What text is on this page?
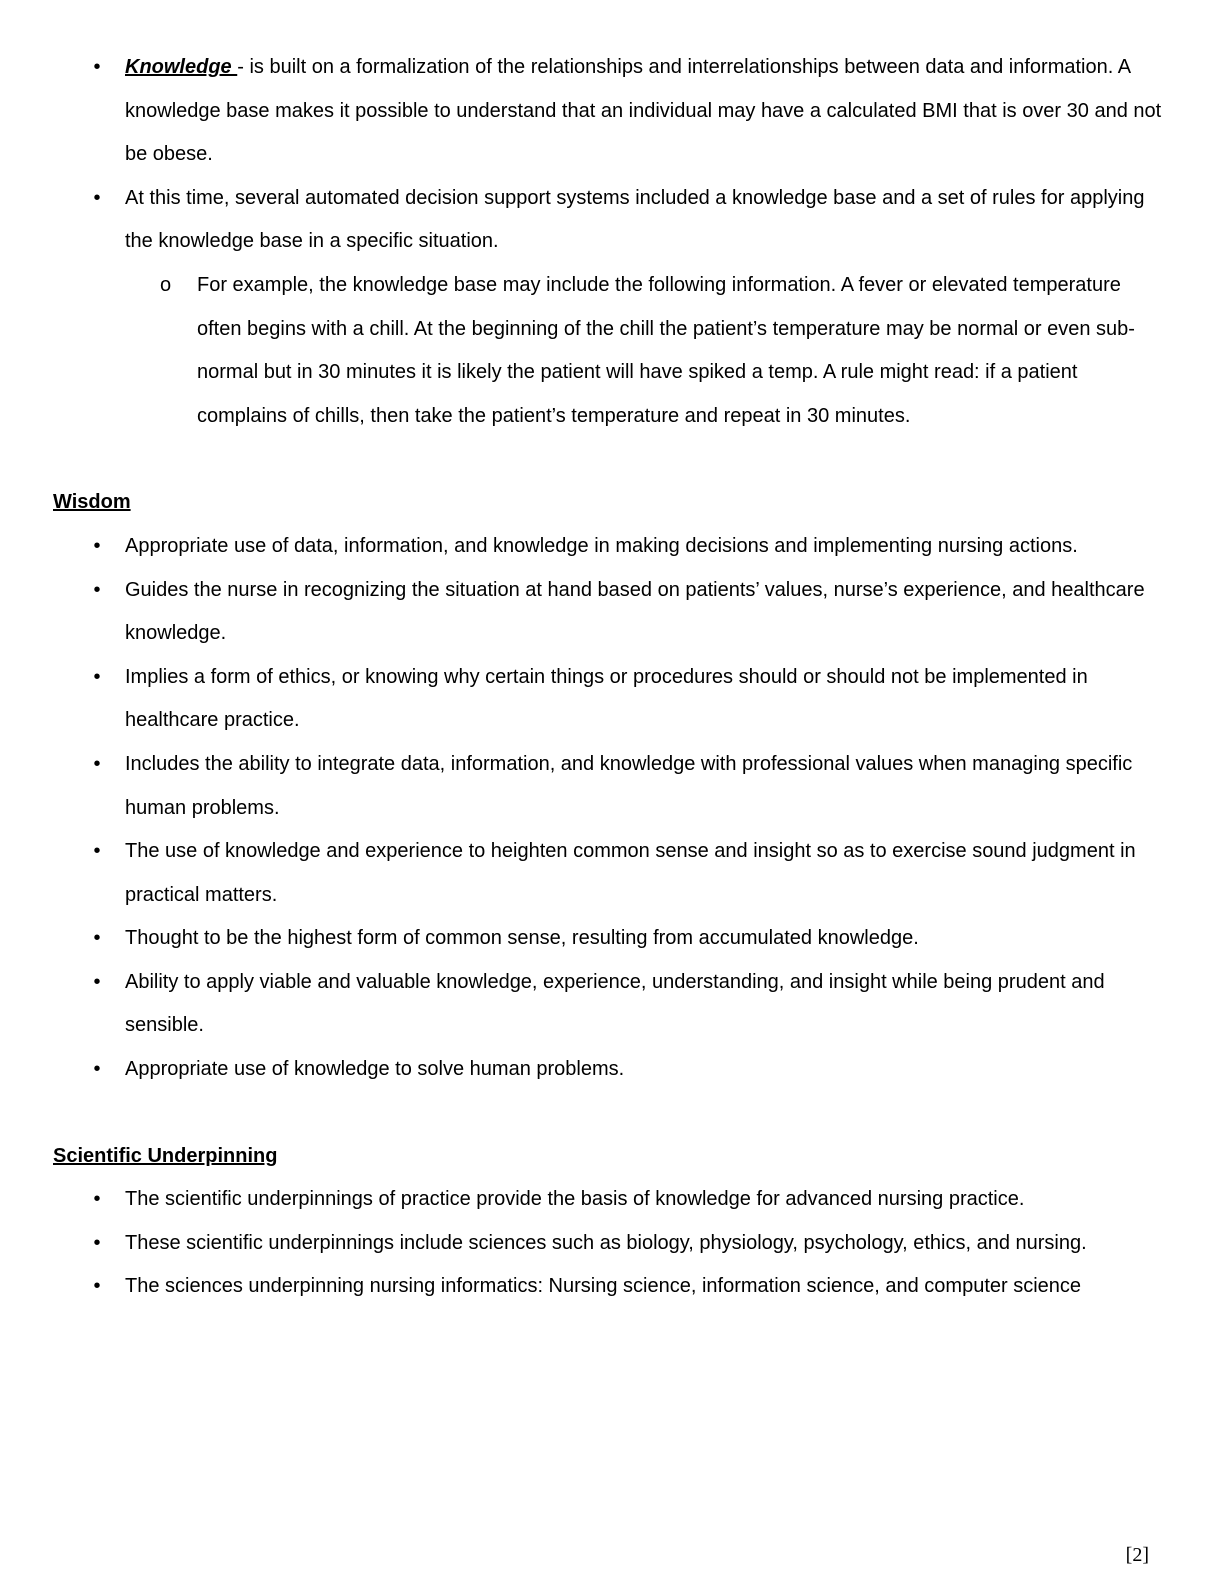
• Knowledge - is built on a formalization of the relationships and interrelationships between data and information. A knowledge base makes it possible to understand that an individual may have a calculated BMI that is over 30 and not be obese.
• At this time, several automated decision support systems included a knowledge base and a set of rules for applying the knowledge base in a specific situation.
o For example, the knowledge base may include the following information. A fever or elevated temperature often begins with a chill. At the beginning of the chill the patient’s temperature may be normal or even sub-normal but in 30 minutes it is likely the patient will have spiked a temp. A rule might read: if a patient complains of chills, then take the patient’s temperature and repeat in 30 minutes.
Wisdom
• Appropriate use of data, information, and knowledge in making decisions and implementing nursing actions.
• Guides the nurse in recognizing the situation at hand based on patients’ values, nurse’s experience, and healthcare knowledge.
• Implies a form of ethics, or knowing why certain things or procedures should or should not be implemented in healthcare practice.
• Includes the ability to integrate data, information, and knowledge with professional values when managing specific human problems.
• The use of knowledge and experience to heighten common sense and insight so as to exercise sound judgment in practical matters.
• Thought to be the highest form of common sense, resulting from accumulated knowledge.
• Ability to apply viable and valuable knowledge, experience, understanding, and insight while being prudent and sensible.
• Appropriate use of knowledge to solve human problems.
Scientific Underpinning
• The scientific underpinnings of practice provide the basis of knowledge for advanced nursing practice.
• These scientific underpinnings include sciences such as biology, physiology, psychology, ethics, and nursing.
• The sciences underpinning nursing informatics: Nursing science, information science, and computer science
[2]
